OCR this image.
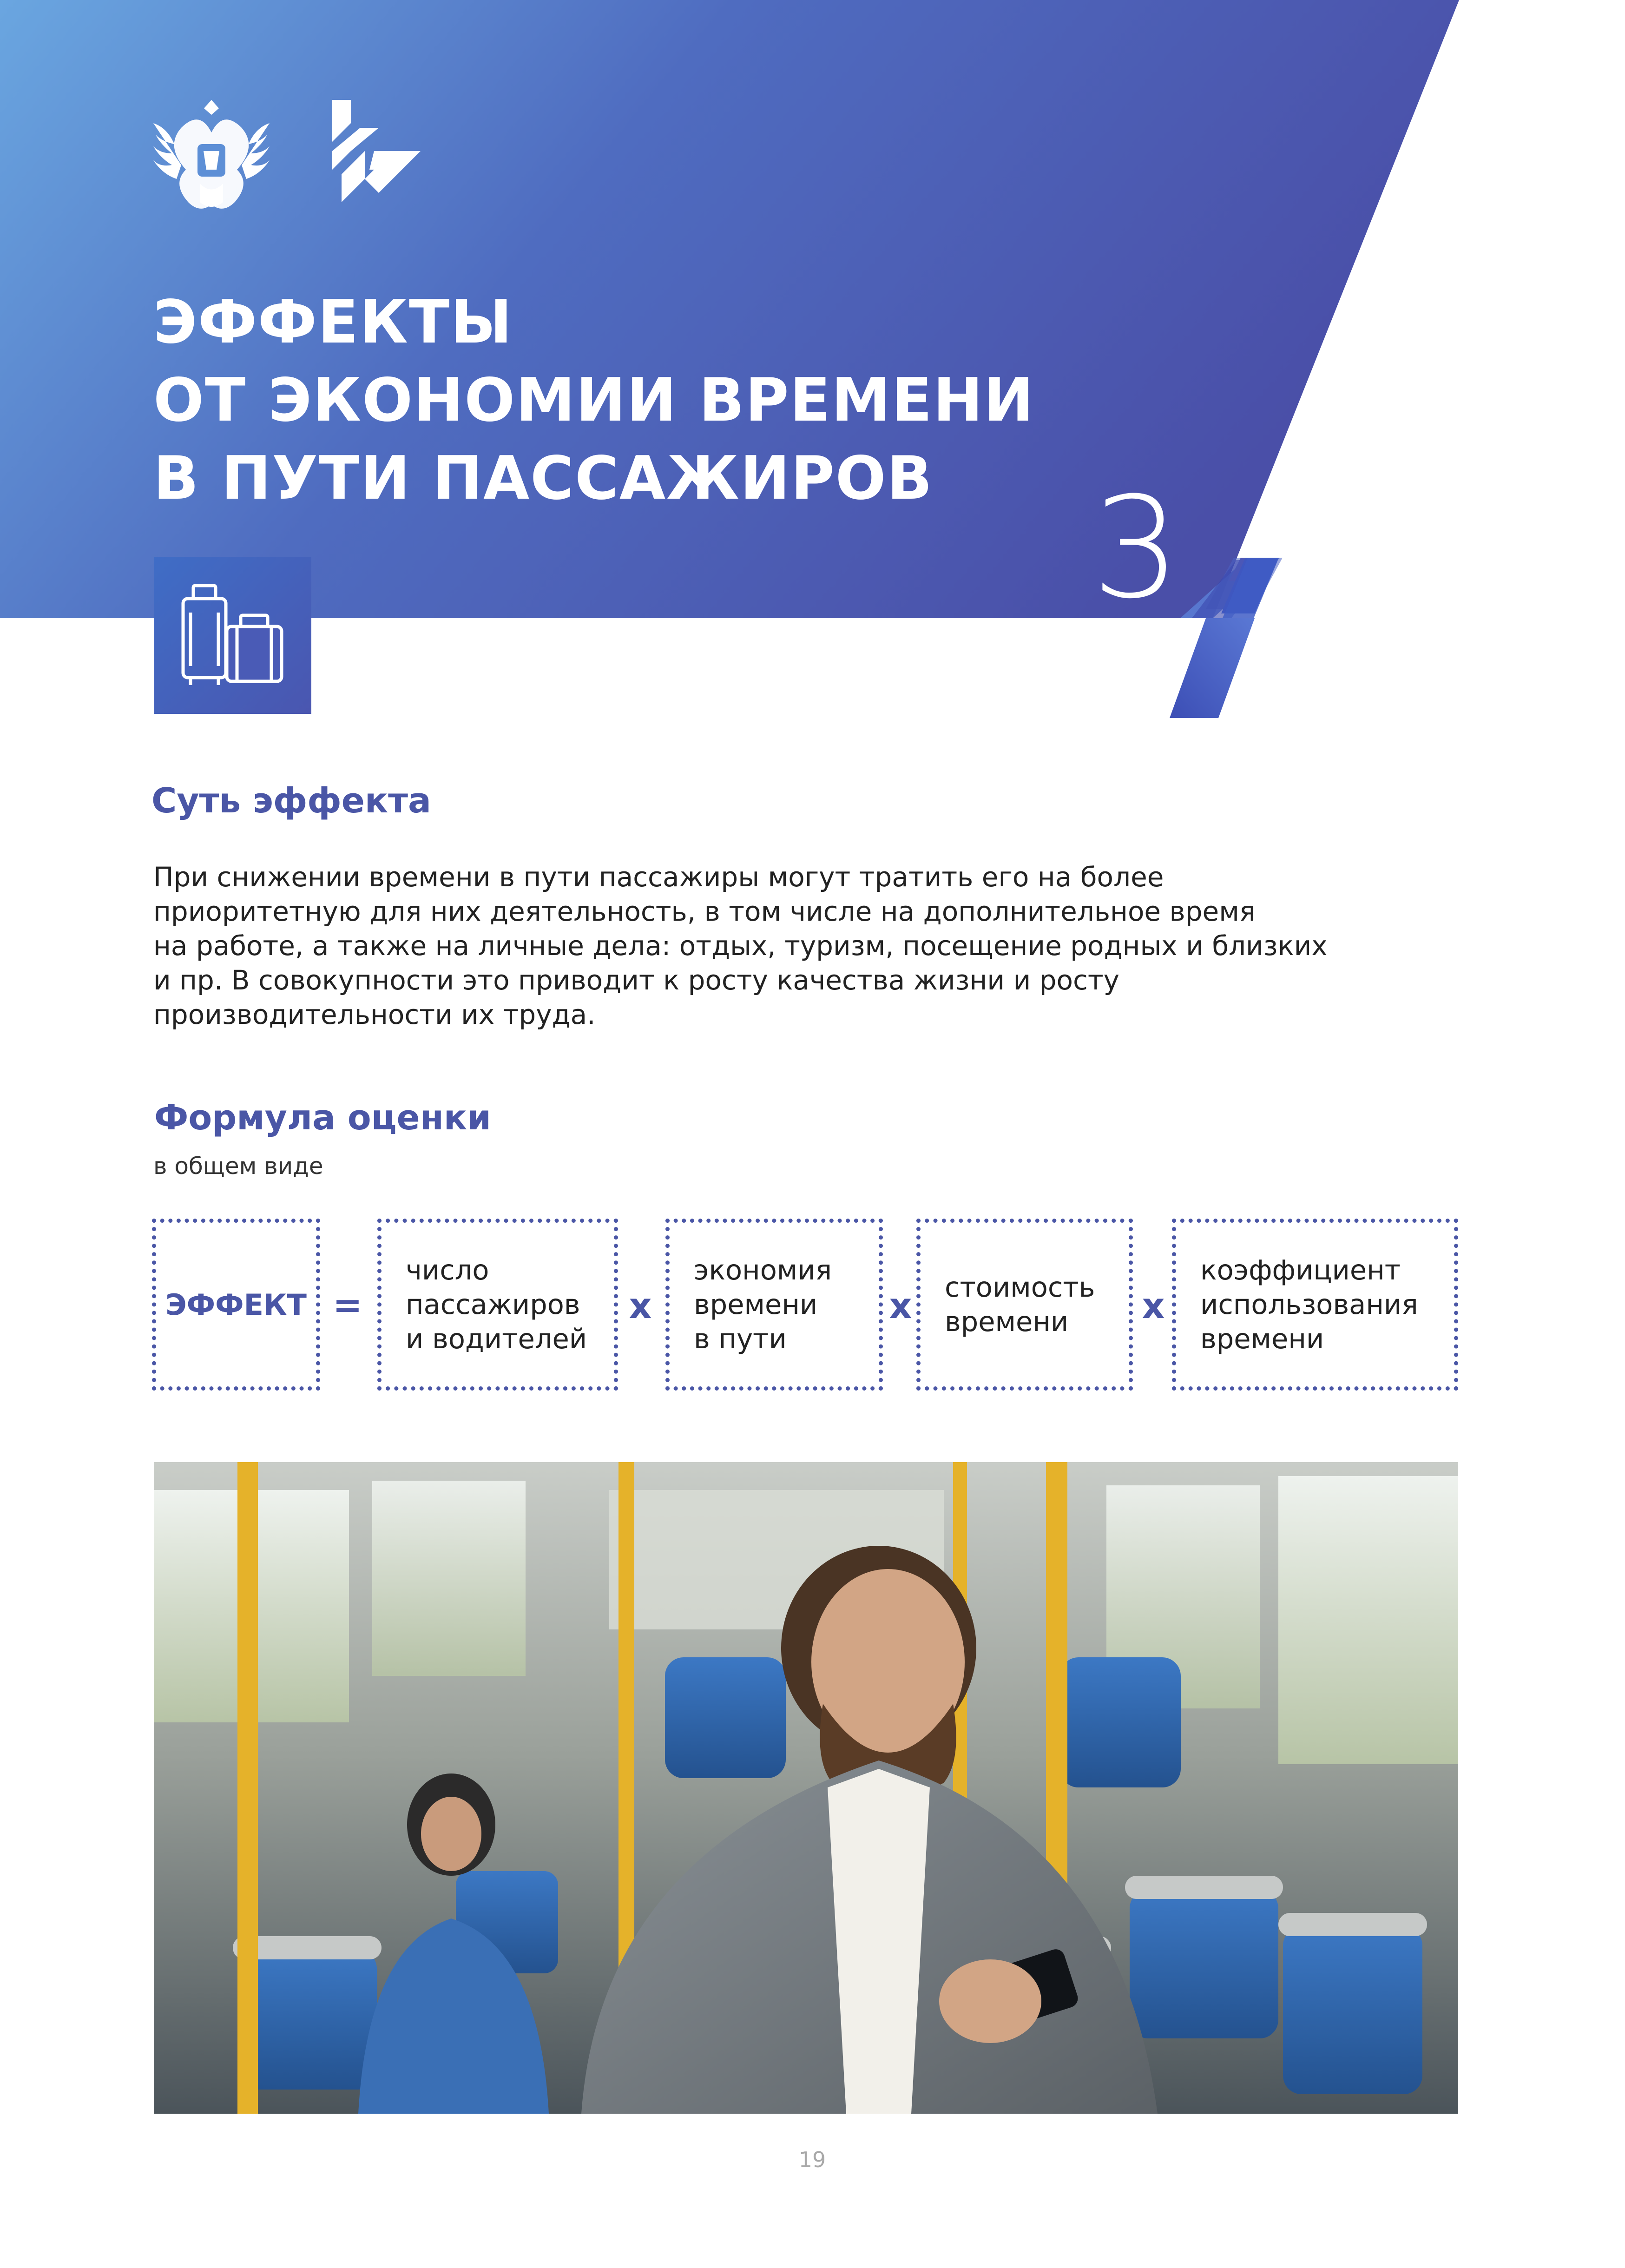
ЭФФЕКТЫ
ОТ ЭКОНОМИИ ВРЕМЕНИ
В ПУТИ ПАССАЖИРОВ	3
Суть эффекта
При снижении времени в пути пассажиры могут тратить его на более
приоритетную для них деятельность, в том числе на дополнительное время
на работе, а также на личные дела: отдых, туризм, посещение родных и близких
и пр. В совокупности это приводит к росту качества жизни и росту
производительности их труда.
Формула оценки
в общем виде
ЭФФЕКТ =
число
пассажиров
и водителей
x
экономия
времени
в пути
x	стоимость
времени	x
коэффициент
использования
времени
19
